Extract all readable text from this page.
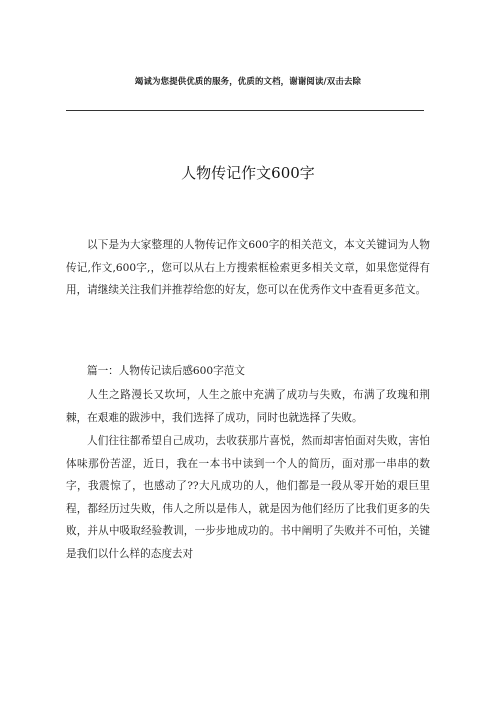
竭诚为您提供优质的服务，优质的文档，谢谢阅读/双击去除
人物传记作文600字
以下是为大家整理的人物传记作文600字的相关范文，本文关键词为人物传记,作文,600字,，您可以从右上方搜索框检索更多相关文章，如果您觉得有用，请继续关注我们并推荐给您的好友，您可以在优秀作文中查看更多范文。
篇一：人物传记读后感600字范文
人生之路漫长又坎坷，人生之旅中充满了成功与失败，布满了玫瑰和荆棘，在艰难的跋涉中，我们选择了成功，同时也就选择了失败。
人们往往都希望自己成功，去收获那片喜悦，然而却害怕面对失败，害怕体味那份苦涩，近日，我在一本书中读到一个人的简历，面对那一串串的数字，我震惊了，也感动了??大凡成功的人，他们都是一段从零开始的艰巨里程，都经历过失败，伟人之所以是伟人，就是因为他们经历了比我们更多的失败，并从中吸取经验教训，一步步地成功的。书中阐明了失败并不可怕，关键是我们以什么样的态度去对
